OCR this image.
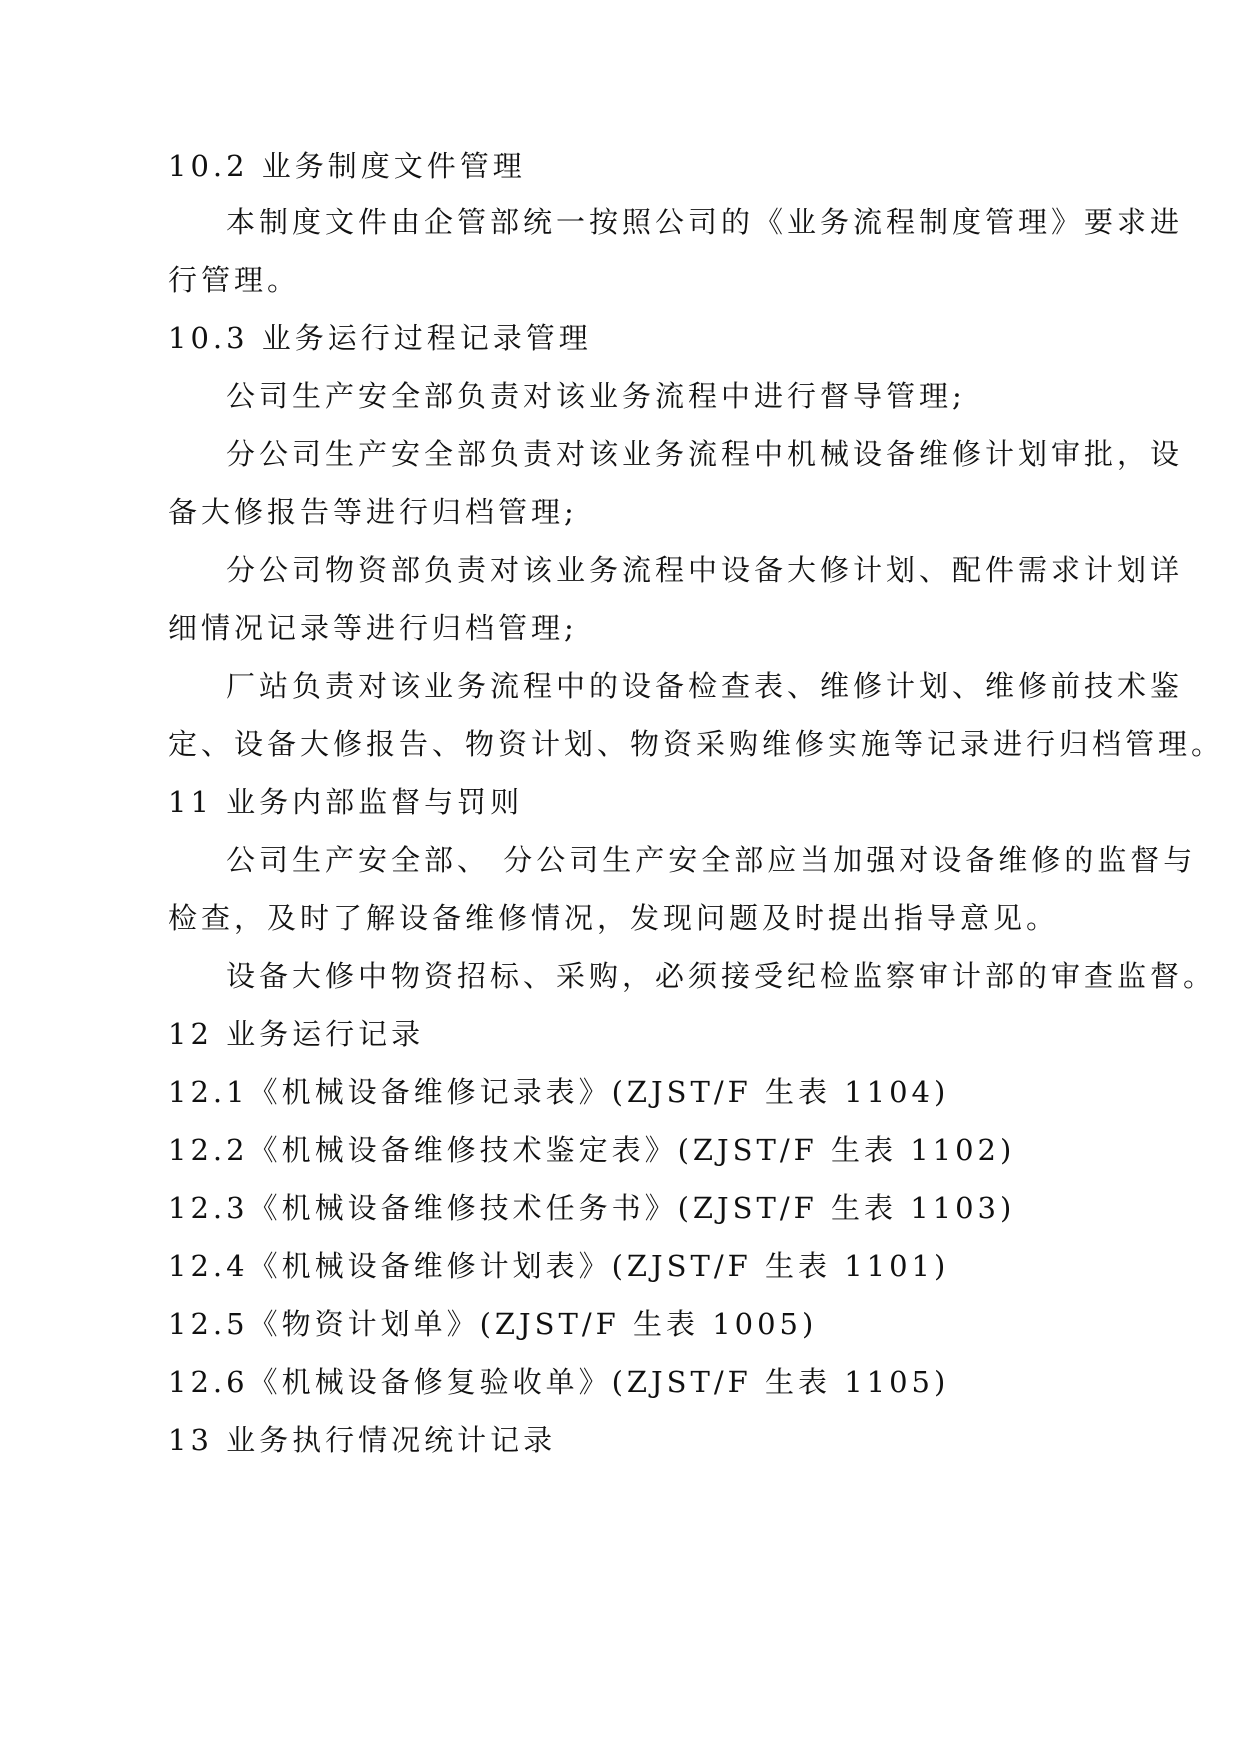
10.2 业务制度文件管理
本制度文件由企管部统一按照公司的《业务流程制度管理》要求进
行管理。
10.3 业务运行过程记录管理
公司生产安全部负责对该业务流程中进行督导管理;
分公司生产安全部负责对该业务流程中机械设备维修计划审批，设
备大修报告等进行归档管理;
分公司物资部负责对该业务流程中设备大修计划、配件需求计划详
细情况记录等进行归档管理;
厂站负责对该业务流程中的设备检查表、维修计划、维修前技术鉴
定、设备大修报告、物资计划、物资采购维修实施等记录进行归档管理。
11 业务内部监督与罚则
公司生产安全部、 分公司生产安全部应当加强对设备维修的监督与
检查，及时了解设备维修情况，发现问题及时提出指导意见。
设备大修中物资招标、采购，必须接受纪检监察审计部的审查监督。
12 业务运行记录
12.1《机械设备维修记录表》(ZJST/F 生表 1104)
12.2《机械设备维修技术鉴定表》(ZJST/F 生表 1102)
12.3《机械设备维修技术任务书》(ZJST/F 生表 1103)
12.4《机械设备维修计划表》(ZJST/F 生表 1101)
12.5《物资计划单》(ZJST/F 生表 1005)
12.6《机械设备修复验收单》(ZJST/F 生表 1105)
13 业务执行情况统计记录
